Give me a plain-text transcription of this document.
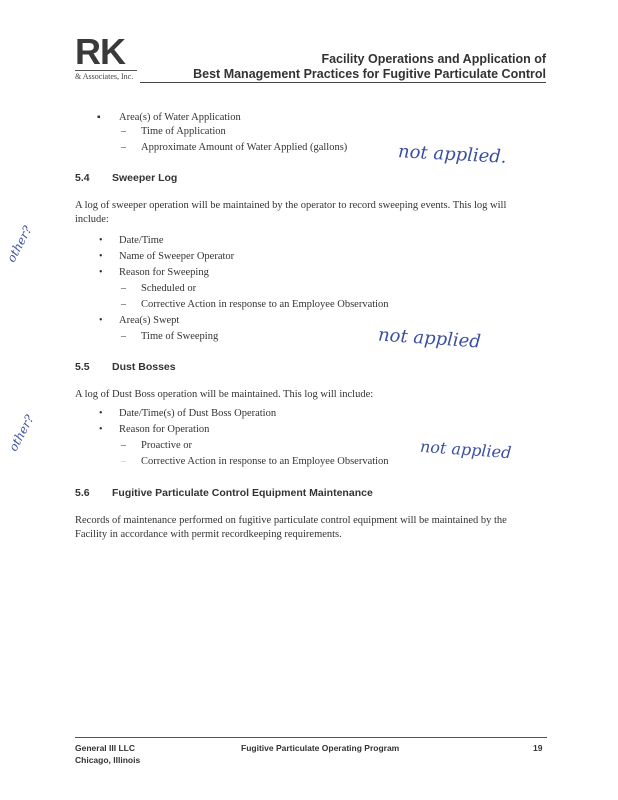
RK
& Associates, Inc.
Facility Operations and Application of
Best Management Practices for Fugitive Particulate Control
▪ Area(s) of Water Application
– Time of Application
– Approximate Amount of Water Applied (gallons)	not applied.
5.4 Sweeper Log
A log of sweeper operation will be maintained by the operator to record sweeping events. This log will
include:
• Date/Time
• Name of Sweeper Operator
• Reason for Sweeping
– Scheduled or
– Corrective Action in response to an Employee Observation
• Area(s) Swept
– Time of Sweeping
other?
not applied
5.5 Dust Bosses
A log of Dust Boss operation will be maintained. This log will include:
• Date/Time(s) of Dust Boss Operation
• Reason for Operation
– Proactive or
– Corrective Action in response to an Employee Observation
other?	not applied
5.6 Fugitive Particulate Control Equipment Maintenance
Records of maintenance performed on fugitive particulate control equipment will be maintained by the
Facility in accordance with permit recordkeeping requirements.
General III LLC
Chicago, Illinois
Fugitive Particulate Operating Program	19
